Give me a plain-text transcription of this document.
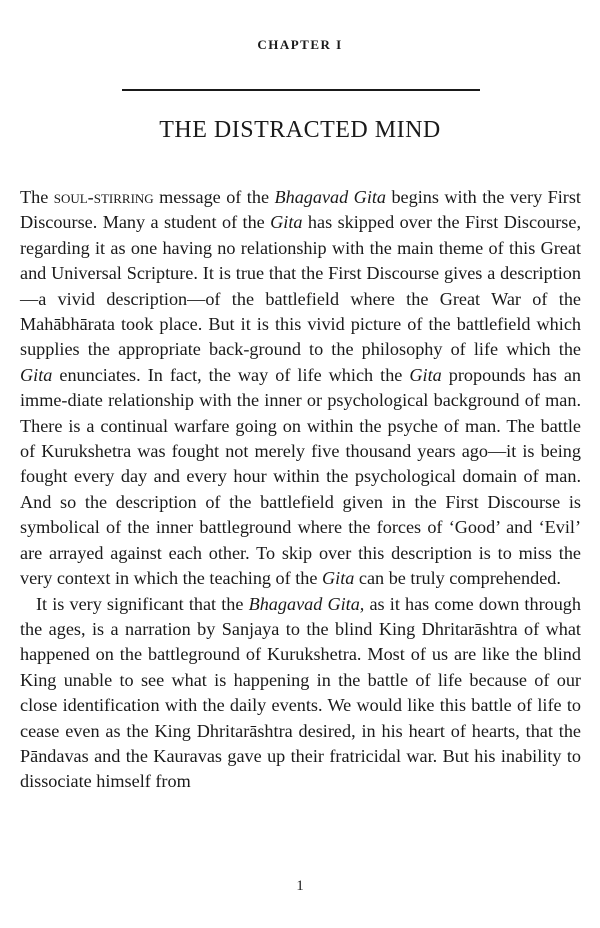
CHAPTER I
THE DISTRACTED MIND

The soul-stirring message of the Bhagavad Gita begins with the very First Discourse. Many a student of the Gita has skipped over the First Discourse, regarding it as one having no relationship with the main theme of this Great and Universal Scripture. It is true that the First Discourse gives a description—a vivid description—of the battlefield where the Great War of the Mahābhārata took place. But it is this vivid picture of the battlefield which supplies the appropriate back-ground to the philosophy of life which the Gita enunciates. In fact, the way of life which the Gita propounds has an imme-diate relationship with the inner or psychological background of man. There is a continual warfare going on within the psyche of man. The battle of Kurukshetra was fought not merely five thousand years ago—it is being fought every day and every hour within the psychological domain of man. And so the description of the battlefield given in the First Discourse is symbolical of the inner battleground where the forces of ‘Good’ and ‘Evil’ are arrayed against each other. To skip over this description is to miss the very context in which the teaching of the Gita can be truly comprehended.

It is very significant that the Bhagavad Gita, as it has come down through the ages, is a narration by Sanjaya to the blind King Dhritarāshtra of what happened on the battleground of Kurukshetra. Most of us are like the blind King unable to see what is happening in the battle of life because of our close identification with the daily events. We would like this battle of life to cease even as the King Dhritarāshtra desired, in his heart of hearts, that the Pāndavas and the Kauravas gave up their fratricidal war. But his inability to dissociate himself from

1
